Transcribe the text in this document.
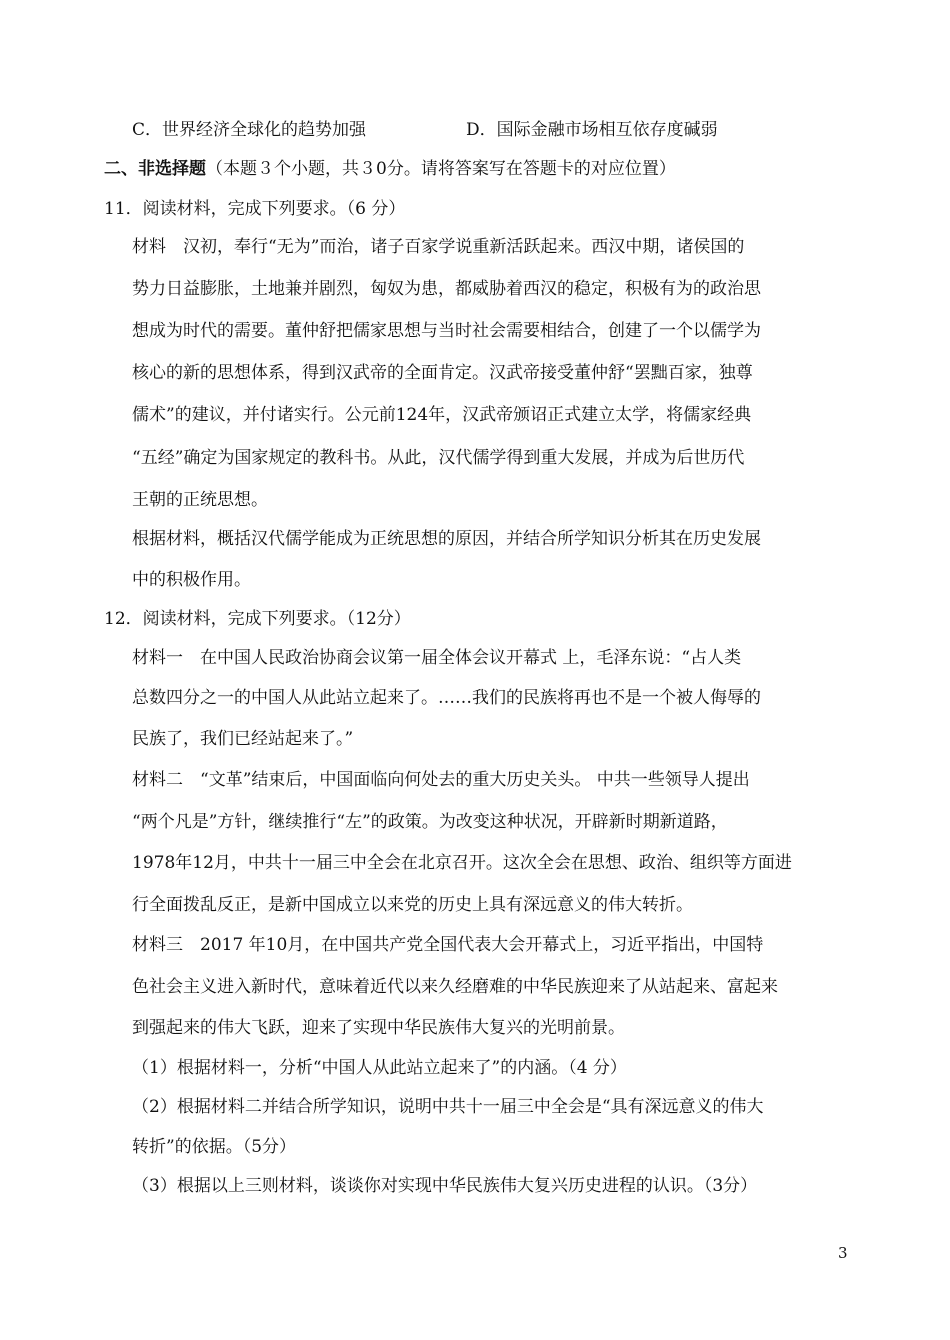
C．世界经济全球化的趋势加强	D．国际金融市场相互依存度碱弱
二、非选择题（本题３个小题，共３0分。请将答案写在答题卡的对应位置）
11．阅读材料，完成下列要求。（6 分）
材料　汉初，奉行“无为”而治，诸子百家学说重新活跃起来。西汉中期，诸侯国的
势力日益膨胀，土地兼并剧烈，匈奴为患，都威胁着西汉的稳定，积极有为的政治思
想成为时代的需要。董仲舒把儒家思想与当时社会需要相结合，创建了一个以儒学为
核心的新的思想体系，得到汉武帝的全面肯定。汉武帝接受董仲舒“罢黜百家，独尊
儒术”的建议，并付诸实行。公元前124年，汉武帝颁诏正式建立太学，将儒家经典
“五经”确定为国家规定的教科书。从此，汉代儒学得到重大发展，并成为后世历代
王朝的正统思想。
根据材料，概括汉代儒学能成为正统思想的原因，并结合所学知识分析其在历史发展
中的积极作用。
12．阅读材料，完成下列要求。（12分）
材料一　在中国人民政治协商会议第一届全体会议开幕式 上，毛泽东说：“占人类
总数四分之一的中国人从此站立起来了。……我们的民族将再也不是一个被人侮辱的
民族了，我们已经站起来了。”
材料二　“文革”结束后，中国面临向何处去的重大历史关头。 中共一些领导人提出
“两个凡是”方针，继续推行“左”的政策。为改变这种状况，开辟新时期新道路，
1978年12月，中共十一届三中全会在北京召开。这次全会在思想、政治、组织等方面进
行全面拨乱反正，是新中国成立以来党的历史上具有深远意义的伟大转折。
材料三　2017 年10月，在中国共产党全国代表大会开幕式上，习近平指出，中国特
色社会主义进入新时代，意味着近代以来久经磨难的中华民族迎来了从站起来、富起来
到强起来的伟大飞跃，迎来了实现中华民族伟大复兴的光明前景。
（1）根据材料一，分析“中国人从此站立起来了”的内涵。（4 分）
（2）根据材料二并结合所学知识，说明中共十一届三中全会是“具有深远意义的伟大
转折”的依据。（5分）
（3）根据以上三则材料，谈谈你对实现中华民族伟大复兴历史进程的认识。（3分）
3
